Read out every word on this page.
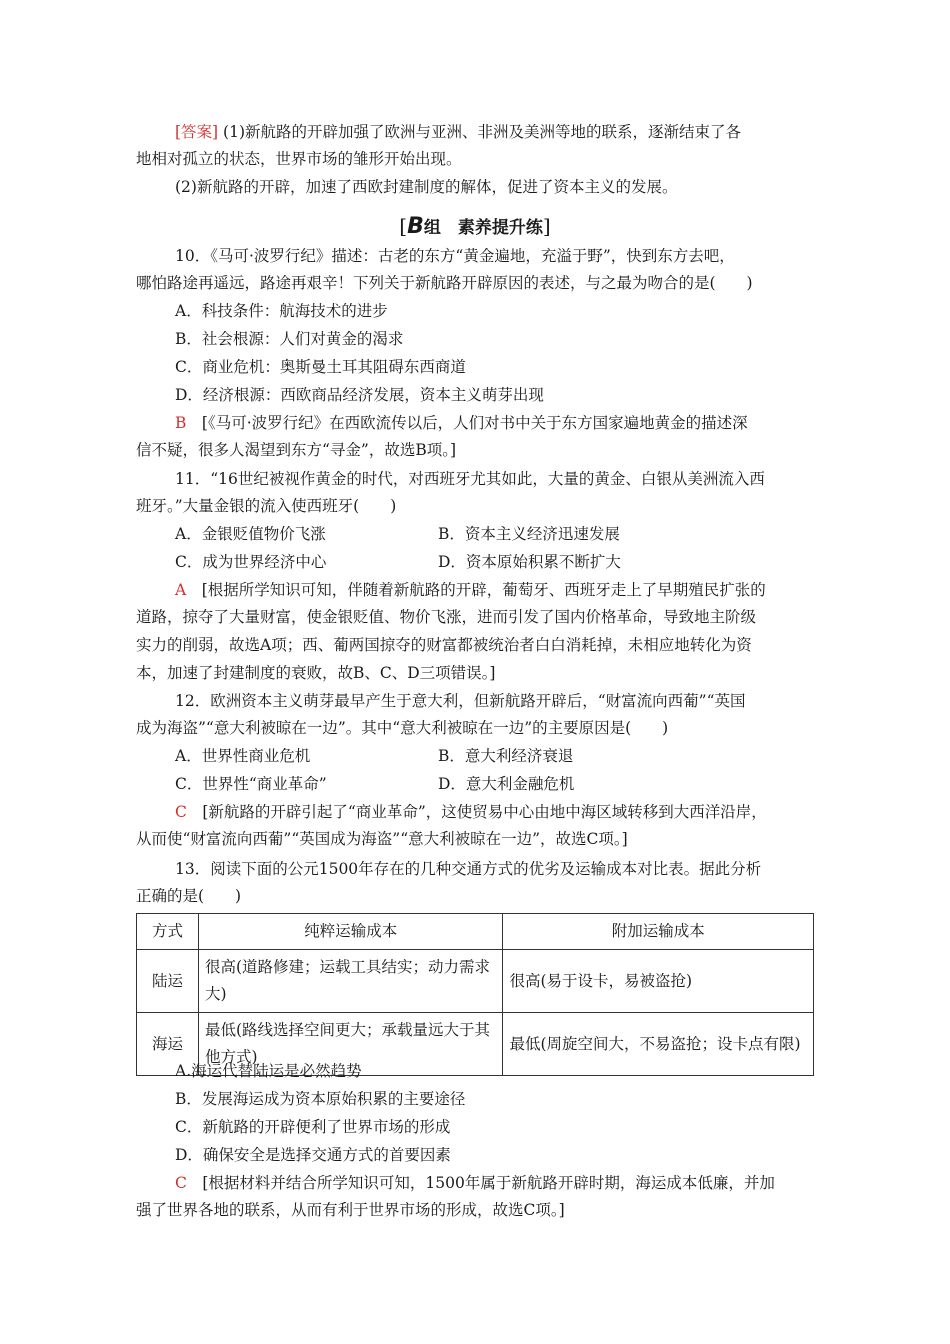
[答案] (1)新航路的开辟加强了欧洲与亚洲、非洲及美洲等地的联系，逐渐结束了各
地相对孤立的状态，世界市场的雏形开始出现。
(2)新航路的开辟，加速了西欧封建制度的解体，促进了资本主义的发展。
[B组　素养提升练]
10．《马可·波罗行纪》描述：古老的东方“黄金遍地，充溢于野”，快到东方去吧，
哪怕路途再遥远，路途再艰辛！下列关于新航路开辟原因的表述，与之最为吻合的是(　　)
A．科技条件：航海技术的进步
B．社会根源：人们对黄金的渴求
C．商业危机：奥斯曼土耳其阻碍东西商道
D．经济根源：西欧商品经济发展，资本主义萌芽出现
B　[《马可·波罗行纪》在西欧流传以后，人们对书中关于东方国家遍地黄金的描述深
信不疑，很多人渴望到东方“寻金”，故选B项。]
11．“16世纪被视作黄金的时代，对西班牙尤其如此，大量的黄金、白银从美洲流入西
班牙。”大量金银的流入使西班牙(　　)
A．金银贬值物价飞涨	B．资本主义经济迅速发展
C．成为世界经济中心	D．资本原始积累不断扩大
A　[根据所学知识可知，伴随着新航路的开辟，葡萄牙、西班牙走上了早期殖民扩张的
道路，掠夺了大量财富，使金银贬值、物价飞涨，进而引发了国内价格革命，导致地主阶级
实力的削弱，故选A项；西、葡两国掠夺的财富都被统治者白白消耗掉，未相应地转化为资
本，加速了封建制度的衰败，故B、C、D三项错误。]
12．欧洲资本主义萌芽最早产生于意大利，但新航路开辟后，“财富流向西葡”“英国
成为海盗”“意大利被晾在一边”。其中“意大利被晾在一边”的主要原因是(　　)
A．世界性商业危机	B．意大利经济衰退
C．世界性“商业革命”	D．意大利金融危机
C　[新航路的开辟引起了“商业革命”，这使贸易中心由地中海区域转移到大西洋沿岸，
从而使“财富流向西葡”“英国成为海盗”“意大利被晾在一边”，故选C项。]
13．阅读下面的公元1500年存在的几种交通方式的优劣及运输成本对比表。据此分析
正确的是(　　)
方式	纯粹运输成本	附加运输成本
陆运	很高(道路修建；运载工具结实；动力需求大)	很高(易于设卡，易被盗抢)
海运	最低(路线选择空间更大；承载量远大于其他方式)	最低(周旋空间大，不易盗抢；设卡点有限)
A.海运代替陆运是必然趋势
B．发展海运成为资本原始积累的主要途径
C．新航路的开辟便利了世界市场的形成
D．确保安全是选择交通方式的首要因素
C　[根据材料并结合所学知识可知，1500年属于新航路开辟时期，海运成本低廉，并加
强了世界各地的联系，从而有利于世界市场的形成，故选C项。]
